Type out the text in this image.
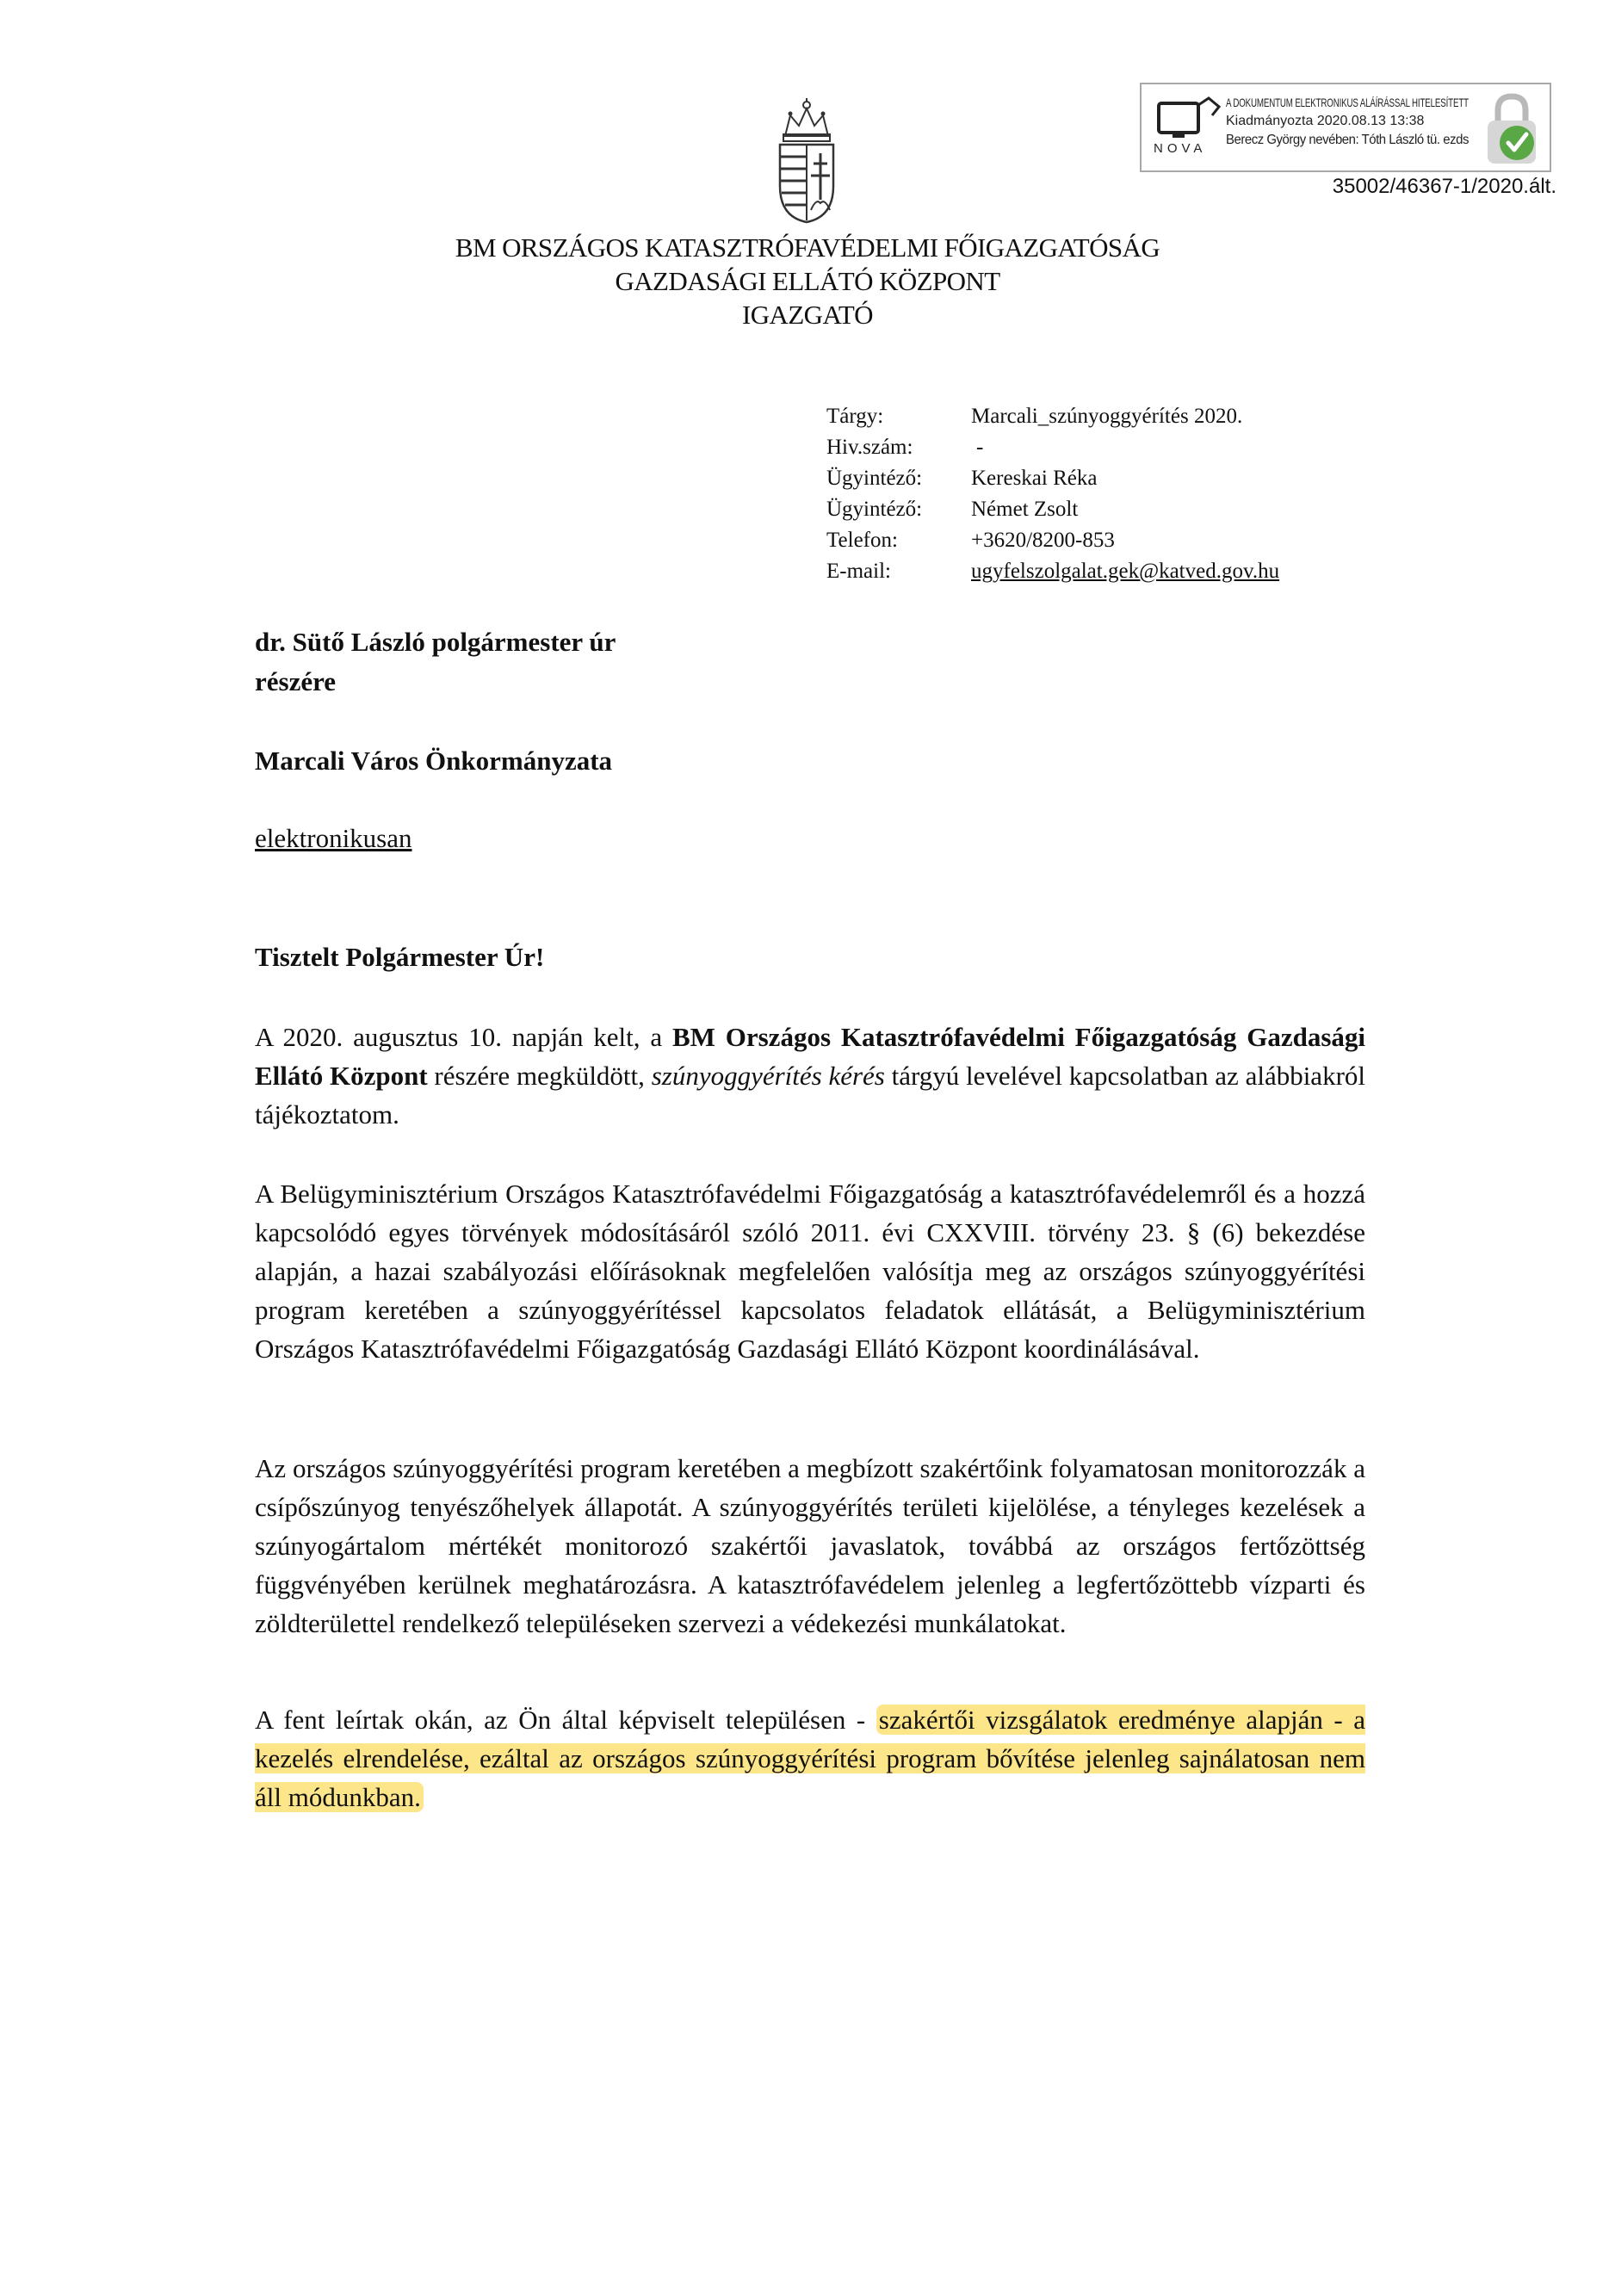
NOVA
A DOKUMENTUM ELEKTRONIKUS ALÁÍRÁSSAL HITELESÍTETT
Kiadmányozta 2020.08.13 13:38
Berecz György nevében: Tóth László tü. ezds
35002/46367-1/2020.ált.
BM ORSZÁGOS KATASZTRÓFAVÉDELMI FŐIGAZGATÓSÁG
GAZDASÁGI ELLÁTÓ KÖZPONT
IGAZGATÓ
Tárgy:	Marcali_szúnyoggyérítés 2020.
Hiv.szám:	-
Ügyintéző:	Kereskai Réka
Ügyintéző:	Német Zsolt
Telefon:	+3620/8200-853
E-mail:	ugyfelszolgalat.gek@katved.gov.hu
dr. Sütő László polgármester úr
részére
Marcali Város Önkormányzata
elektronikusan
Tisztelt Polgármester Úr!
A 2020. augusztus 10. napján kelt, a BM Országos Katasztrófavédelmi Főigazgatóság Gazdasági Ellátó Központ részére megküldött, szúnyoggyérítés kérés tárgyú levelével kapcsolatban az alábbiakról tájékoztatom.
A Belügyminisztérium Országos Katasztrófavédelmi Főigazgatóság a katasztrófavédelemről és a hozzá kapcsolódó egyes törvények módosításáról szóló 2011. évi CXXVIII. törvény 23. § (6) bekezdése alapján, a hazai szabályozási előírásoknak megfelelően valósítja meg az országos szúnyoggyérítési program keretében a szúnyoggyérítéssel kapcsolatos feladatok ellátását, a Belügyminisztérium Országos Katasztrófavédelmi Főigazgatóság Gazdasági Ellátó Központ koordinálásával.
Az országos szúnyoggyérítési program keretében a megbízott szakértőink folyamatosan monitorozzák a csípőszúnyog tenyészőhelyek állapotát. A szúnyoggyérítés területi kijelölése, a tényleges kezelések a szúnyogártalom mértékét monitorozó szakértői javaslatok, továbbá az országos fertőzöttség függvényében kerülnek meghatározásra. A katasztrófavédelem jelenleg a legfertőzöttebb vízparti és zöldterülettel rendelkező településeken szervezi a védekezési munkálatokat.
A fent leírtak okán, az Ön által képviselt településen - szakértői vizsgálatok eredménye alapján - a kezelés elrendelése, ezáltal az országos szúnyoggyérítési program bővítése jelenleg sajnálatosan nem áll módunkban.
